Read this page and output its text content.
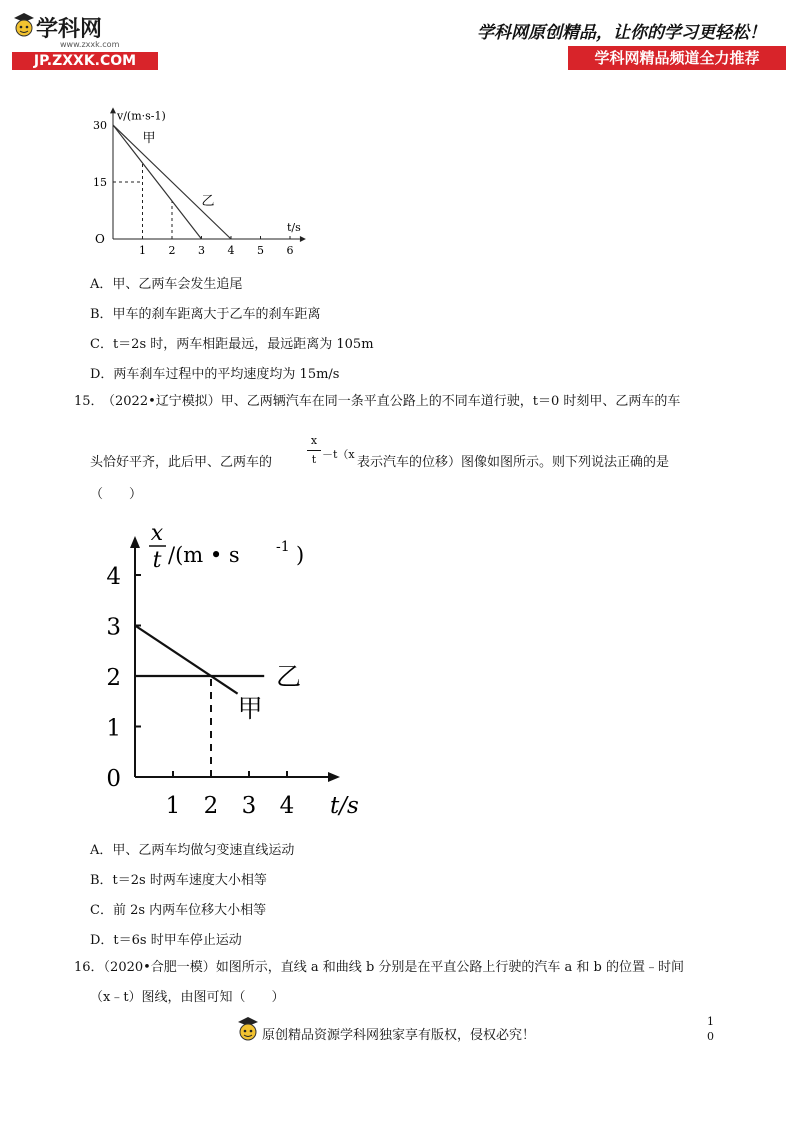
学科网
www.zxxk.com
JP.ZXXK.COM
学科网原创精品，让你的学习更轻松！
学科网精品频道全力推荐
v/(m·s-1)
t/s
O
1 2 3 4 5 6
15
30
甲
乙
A．甲、乙两车会发生追尾
B．甲车的刹车距离大于乙车的刹车距离
C．t＝2s 时，两车相距最远，最远距离为 105m
D．两车刹车过程中的平均速度均为 15m/s
15．
（2022•辽宁模拟）甲、乙两辆汽车在同一条平直公路上的不同车道行驶，t＝0 时刻甲、乙两车的车
头恰好平齐，此后甲、乙两车的
x
t －t（x
表示汽车的位移）图像如图所示。则下列说法正确的是
（　　）
x
t /(m • s	-1 )
1 2 3 4
0
1
2
3
4
t/s
乙
甲
A．甲、乙两车均做匀变速直线运动
B．t＝2s 时两车速度大小相等
C．前 2s 内两车位移大小相等
D．t＝6s 时甲车停止运动
16．（2020•合肥一模）如图所示，直线 a 和曲线 b 分别是在平直公路上行驶的汽车 a 和 b 的位置﹣时间
（x﹣t）图线，由图可知（　　）
原创精品资源学科网独家享有版权，侵权必究！
1
0
